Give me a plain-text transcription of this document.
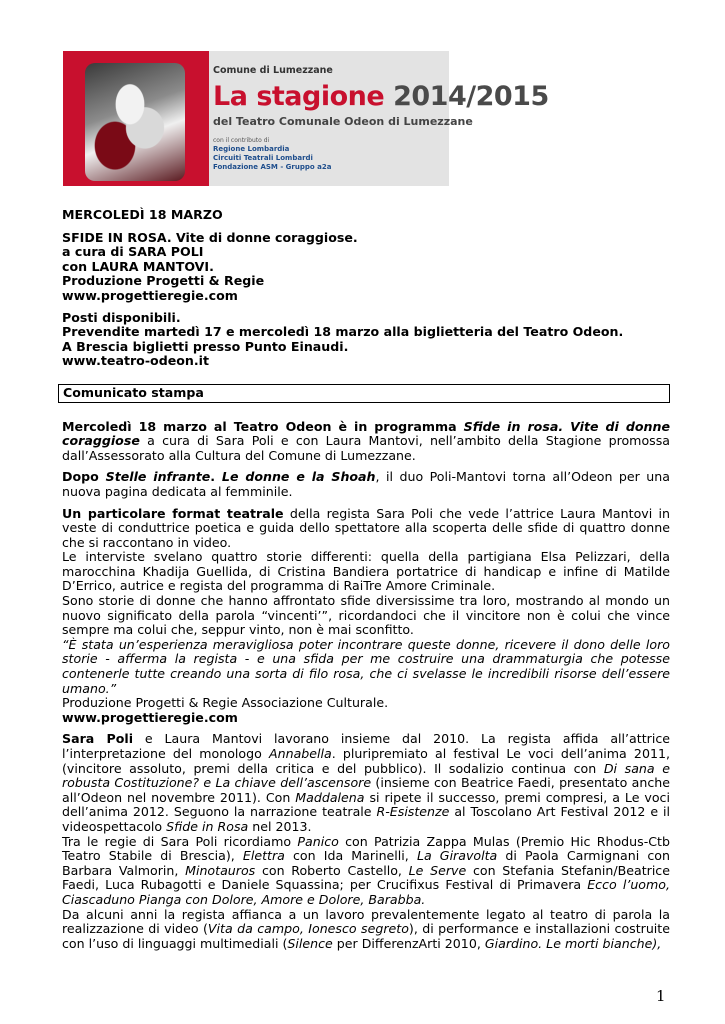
Comune di Lumezzane
La stagione 2014/2015
del Teatro Comunale Odeon di Lumezzane
con il contributo di
Regione Lombardia
Circuiti Teatrali Lombardi
Fondazione ASM - Gruppo a2a
MERCOLEDÌ 18 MARZO
SFIDE IN ROSA. Vite di donne coraggiose.
a cura di SARA POLI
con LAURA MANTOVI.
Produzione Progetti & Regie
www.progettieregie.com
Posti disponibili.
Prevendite martedì 17 e mercoledì 18 marzo alla biglietteria del Teatro Odeon.
A Brescia biglietti presso Punto Einaudi.
www.teatro-odeon.it
Comunicato stampa

Mercoledì 18 marzo al Teatro Odeon è in programma Sfide in rosa. Vite di donne coraggiose a cura di Sara Poli e con Laura Mantovi, nell’ambito della Stagione promossa dall’Assessorato alla Cultura del Comune di Lumezzane.

Dopo Stelle infrante. Le donne e la Shoah, il duo Poli-Mantovi torna all’Odeon per una nuova pagina dedicata al femminile.

Un particolare format teatrale della regista Sara Poli che vede l’attrice Laura Mantovi in veste di conduttrice poetica e guida dello spettatore alla scoperta delle sfide di quattro donne che si raccontano in video.

Le interviste svelano quattro storie differenti: quella della partigiana Elsa Pelizzari, della marocchina Khadija Guellida, di Cristina Bandiera portatrice di handicap e infine di Matilde D’Errico, autrice e regista del programma di RaiTre Amore Criminale.

Sono storie di donne che hanno affrontato sfide diversissime tra loro, mostrando al mondo un nuovo significato della parola “vincenti’”, ricordandoci che il vincitore non è colui che vince sempre ma colui che, seppur vinto, non è mai sconfitto.

“È stata un’esperienza meravigliosa poter incontrare queste donne, ricevere il dono delle loro storie - afferma la regista - e una sfida per me costruire una drammaturgia che potesse contenerle tutte creando una sorta di filo rosa, che ci svelasse le incredibili risorse dell’essere umano.”

Produzione Progetti & Regie Associazione Culturale.

www.progettieregie.com

Sara Poli e Laura Mantovi lavorano insieme dal 2010. La regista affida all’attrice l’interpretazione del monologo Annabella. pluripremiato al festival Le voci dell’anima 2011, (vincitore assoluto, premi della critica e del pubblico). Il sodalizio continua con Di sana e robusta Costituzione? e La chiave dell’ascensore (insieme con Beatrice Faedi, presentato anche all’Odeon nel novembre 2011). Con Maddalena si ripete il successo, premi compresi, a Le voci dell’anima 2012. Seguono la narrazione teatrale R-Esistenze al Toscolano Art Festival 2012 e il videospettacolo Sfide in Rosa nel 2013.

Tra le regie di Sara Poli ricordiamo Panico con Patrizia Zappa Mulas (Premio Hic Rhodus-Ctb Teatro Stabile di Brescia), Elettra con Ida Marinelli, La Giravolta di Paola Carmignani con Barbara Valmorin, Minotauros con Roberto Castello, Le Serve con Stefania Stefanin/Beatrice Faedi, Luca Rubagotti e Daniele Squassina; per Crucifixus Festival di Primavera Ecco l’uomo, Ciascaduno Pianga con Dolore, Amore e Dolore, Barabba.

Da alcuni anni la regista affianca a un lavoro prevalentemente legato al teatro di parola la realizzazione di video (Vita da campo, Ionesco segreto), di performance e installazioni costruite con l’uso di linguaggi multimediali (Silence per DifferenzArti 2010, Giardino. Le morti bianche),

1
